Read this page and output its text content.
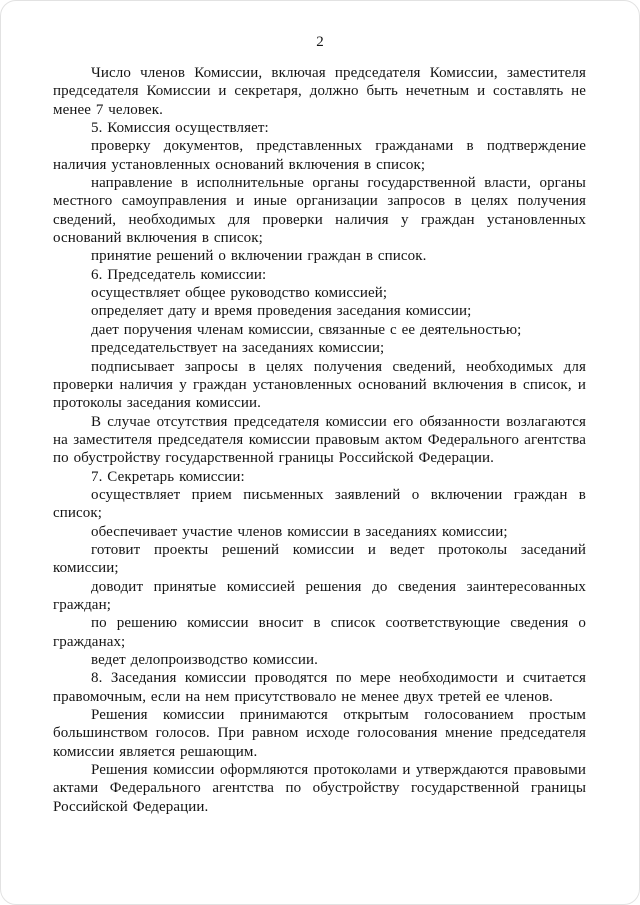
2

Число членов Комиссии, включая председателя Комиссии, заместителя председателя Комиссии и секретаря, должно быть нечетным и составлять не менее 7 человек.

5. Комиссия осуществляет:

проверку документов, представленных гражданами в подтверждение наличия установленных оснований включения в список;

направление в исполнительные органы государственной власти, органы местного самоуправления и иные организации запросов в целях получения сведений, необходимых для проверки наличия у граждан установленных оснований включения в список;

принятие решений о включении граждан в список.

6. Председатель комиссии:

осуществляет общее руководство комиссией;

определяет дату и время проведения заседания комиссии;

дает поручения членам комиссии, связанные с ее деятельностью;

председательствует на заседаниях комиссии;

подписывает запросы в целях получения сведений, необходимых для проверки наличия у граждан установленных оснований включения в список, и протоколы заседания комиссии.

В случае отсутствия председателя комиссии его обязанности возлагаются на заместителя председателя комиссии правовым актом Федерального агентства по обустройству государственной границы Российской Федерации.

7. Секретарь комиссии:

осуществляет прием письменных заявлений о включении граждан в список;

обеспечивает участие членов комиссии в заседаниях комиссии;

готовит проекты решений комиссии и ведет протоколы заседаний комиссии;

доводит принятые комиссией решения до сведения заинтересованных граждан;

по решению комиссии вносит в список соответствующие сведения о гражданах;

ведет делопроизводство комиссии.

8. Заседания комиссии проводятся по мере необходимости и считается правомочным, если на нем присутствовало не менее двух третей ее членов.

Решения комиссии принимаются открытым голосованием простым большинством голосов. При равном исходе голосования мнение председателя комиссии является решающим.

Решения комиссии оформляются протоколами и утверждаются правовыми актами Федерального агентства по обустройству государственной границы Российской Федерации.
